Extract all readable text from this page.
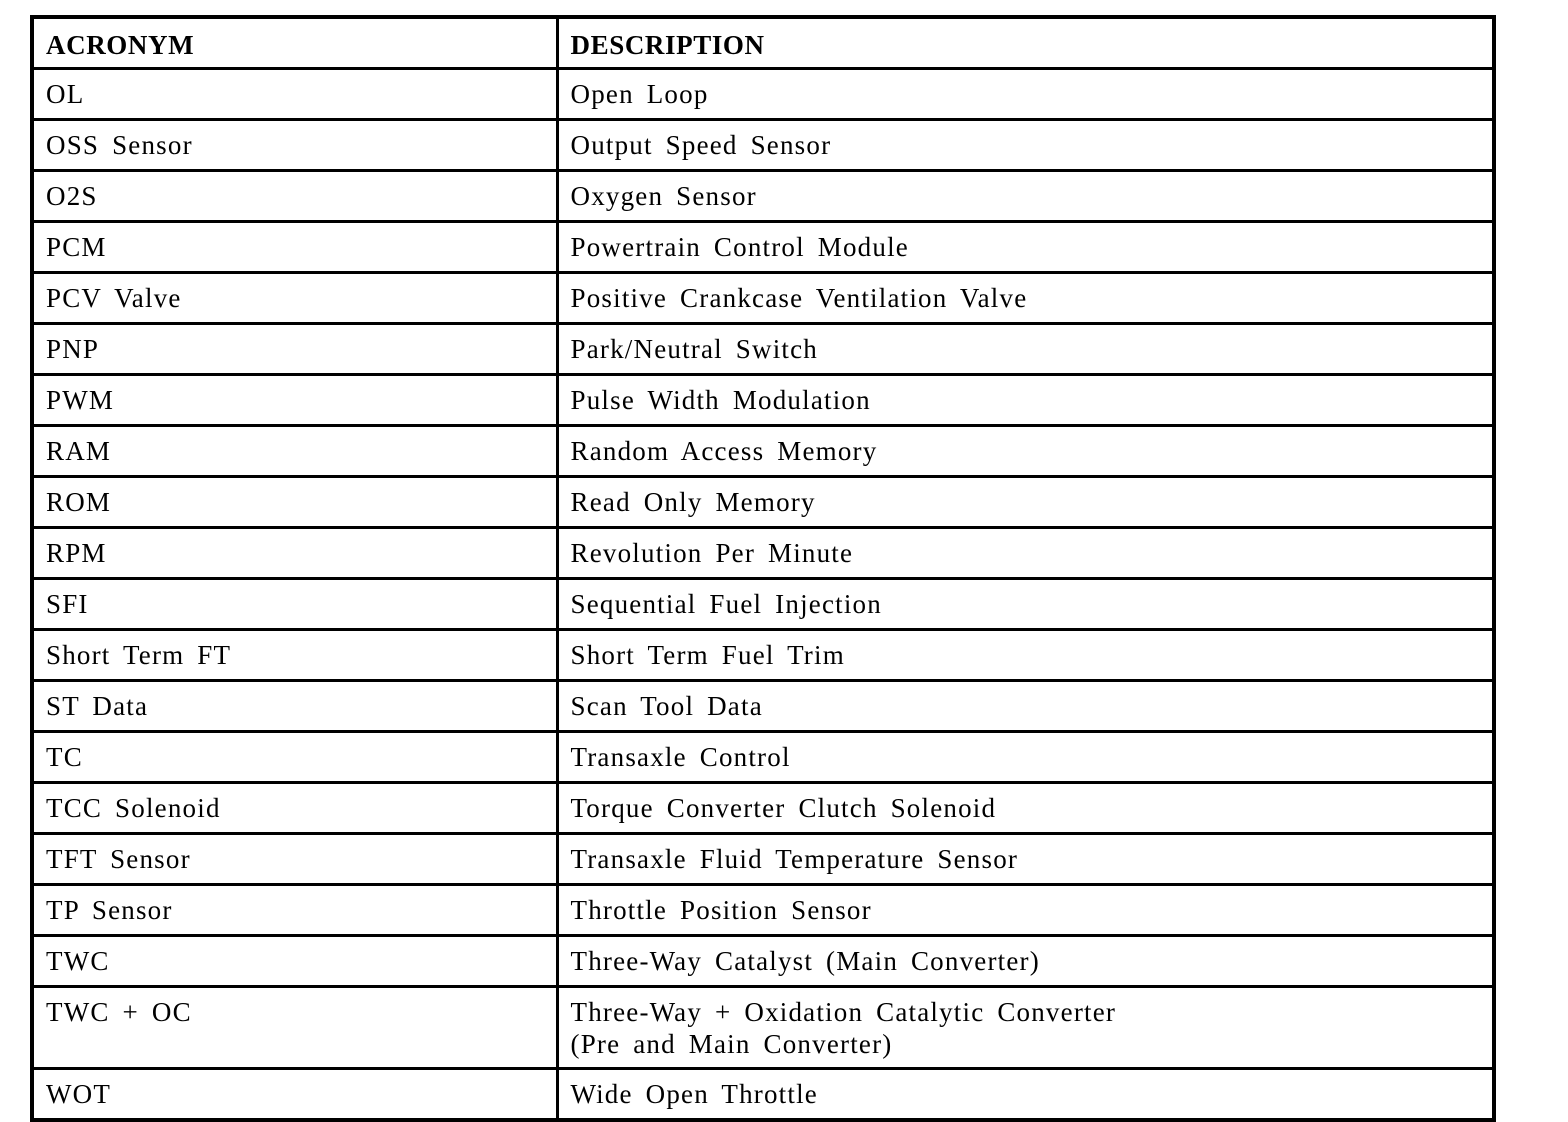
ACRONYM	DESCRIPTION
OL	Open Loop

OSS Sensor	Output Speed Sensor

O2S	Oxygen Sensor

PCM	Powertrain Control Module

PCV Valve	Positive Crankcase Ventilation Valve

PNP	Park/Neutral Switch

PWM	Pulse Width Modulation

RAM	Random Access Memory

ROM	Read Only Memory

RPM	Revolution Per Minute

SFI	Sequential Fuel Injection

Short Term FT	Short Term Fuel Trim

ST Data	Scan Tool Data

TC	Transaxle Control

TCC Solenoid	Torque Converter Clutch Solenoid

TFT Sensor	Transaxle Fluid Temperature Sensor

TP Sensor	Throttle Position Sensor

TWC	Three-Way Catalyst (Main Converter)

TWC + OC	Three-Way + Oxidation Catalytic Converter
(Pre and Main Converter)

WOT	Wide Open Throttle
